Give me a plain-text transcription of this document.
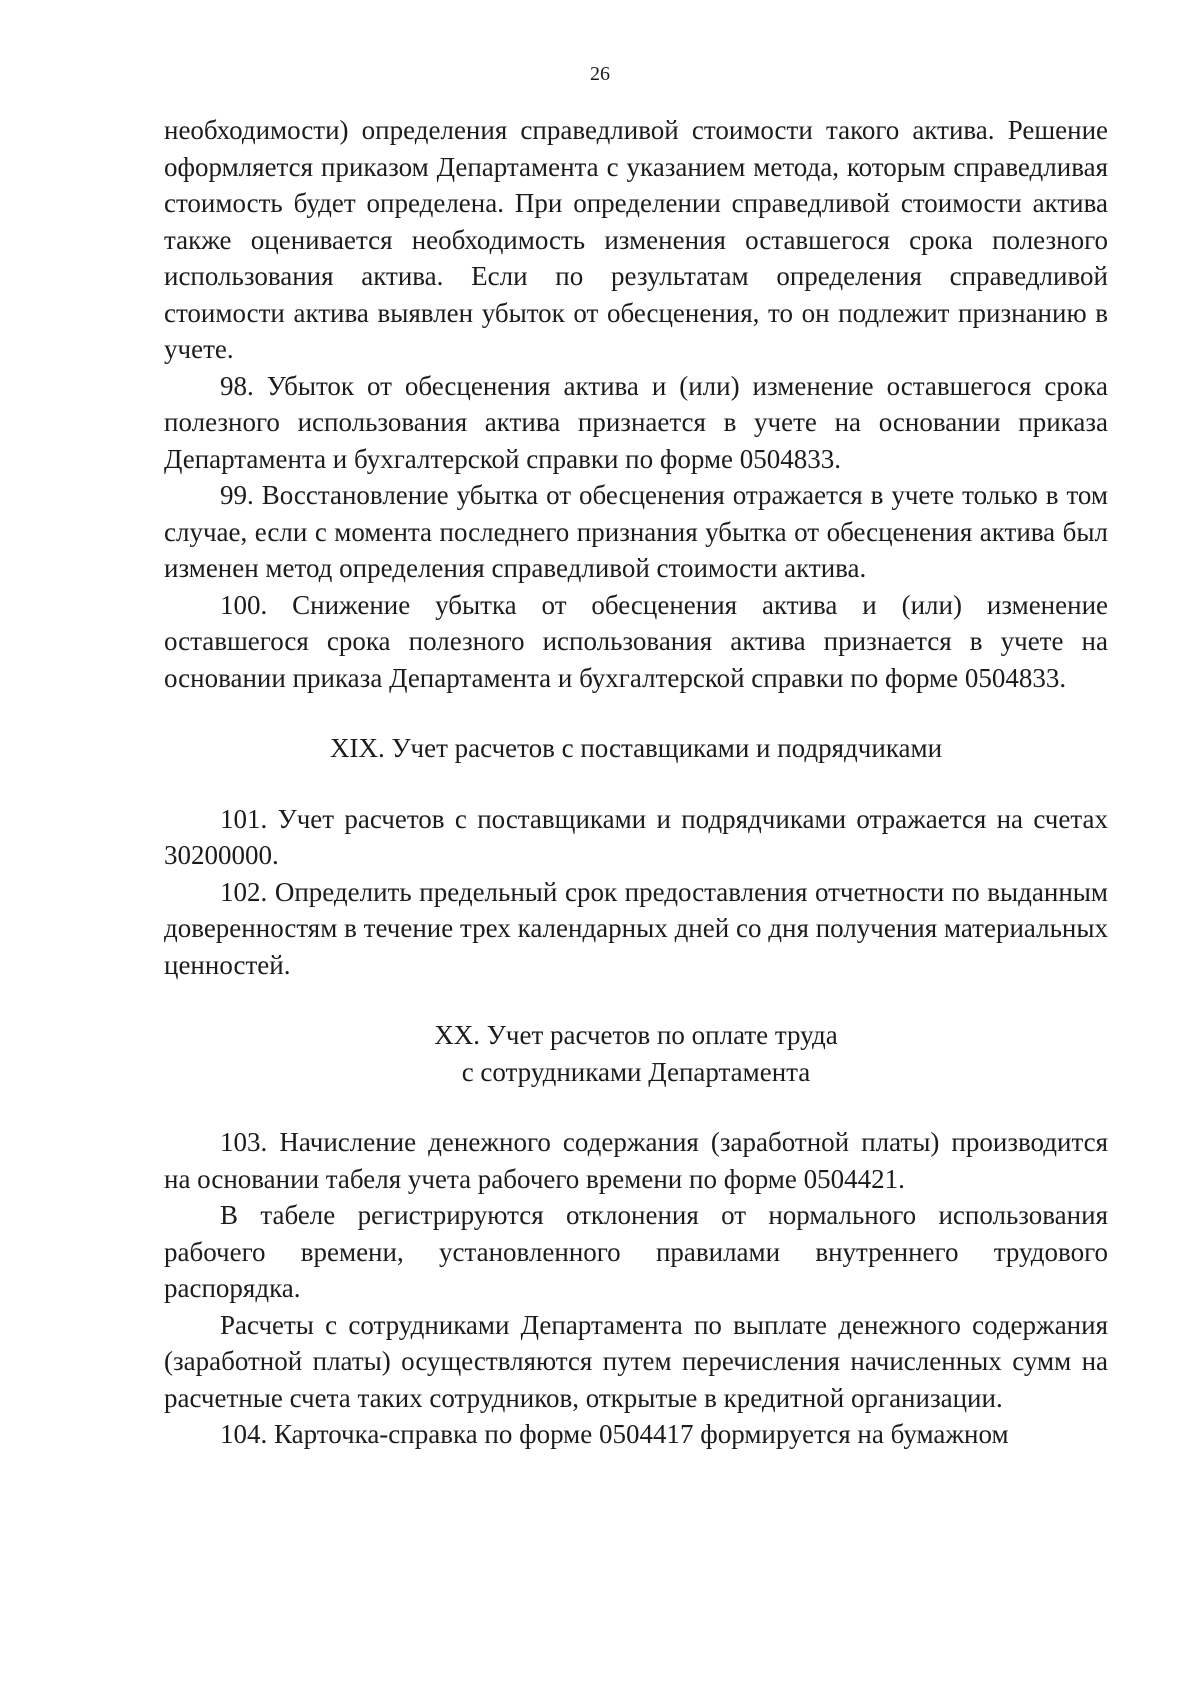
26

необходимости) определения справедливой стоимости такого актива. Решение оформляется приказом Департамента с указанием метода, которым справедливая стоимость будет определена. При определении справедливой стоимости актива также оценивается необходимость изменения оставшегося срока полезного использования актива. Если по результатам определения справедливой стоимости актива выявлен убыток от обесценения, то он подлежит признанию в учете.

98. Убыток от обесценения актива и (или) изменение оставшегося срока полезного использования актива признается в учете на основании приказа Департамента и бухгалтерской справки по форме 0504833.

99. Восстановление убытка от обесценения отражается в учете только в том случае, если с момента последнего признания убытка от обесценения актива был изменен метод определения справедливой стоимости актива.

100. Снижение убытка от обесценения актива и (или) изменение оставшегося срока полезного использования актива признается в учете на основании приказа Департамента и бухгалтерской справки по форме 0504833.

XIX. Учет расчетов с поставщиками и подрядчиками

101. Учет расчетов с поставщиками и подрядчиками отражается на счетах 30200000.

102. Определить предельный срок предоставления отчетности по выданным доверенностям в течение трех календарных дней со дня получения материальных ценностей.

XX. Учет расчетов по оплате труда
с сотрудниками Департамента

103. Начисление денежного содержания (заработной платы) производится на основании табеля учета рабочего времени по форме 0504421.

В табеле регистрируются отклонения от нормального использования рабочего времени, установленного правилами внутреннего трудового распорядка.

Расчеты с сотрудниками Департамента по выплате денежного содержания (заработной платы) осуществляются путем перечисления начисленных сумм на расчетные счета таких сотрудников, открытые в кредитной организации.

104. Карточка-справка по форме 0504417 формируется на бумажном
